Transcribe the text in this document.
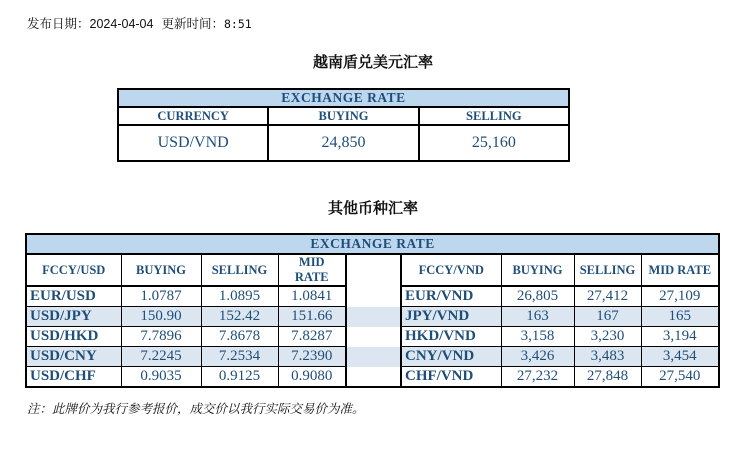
发布日期：2024-04-04 更新时间：8:51
越南盾兑美元汇率
EXCHANGE RATE		
CURRENCY	BUYING	SELLING
USD/VND	24,850	25,160
其他币种汇率
EXCHANGE RATE								
FCCY/USD	BUYING	SELLING	MID RATE		FCCY/VND	BUYING	SELLING	MID RATE
EUR/USD	1.0787	1.0895	1.0841		EUR/VND	26,805	27,412	27,109
USD/JPY	150.90	152.42	151.66		JPY/VND	163	167	165
USD/HKD	7.7896	7.8678	7.8287		HKD/VND	3,158	3,230	3,194
USD/CNY	7.2245	7.2534	7.2390		CNY/VND	3,426	3,483	3,454
USD/CHF	0.9035	0.9125	0.9080		CHF/VND	27,232	27,848	27,540
注：此牌价为我行参考报价，成交价以我行实际交易价为准。
